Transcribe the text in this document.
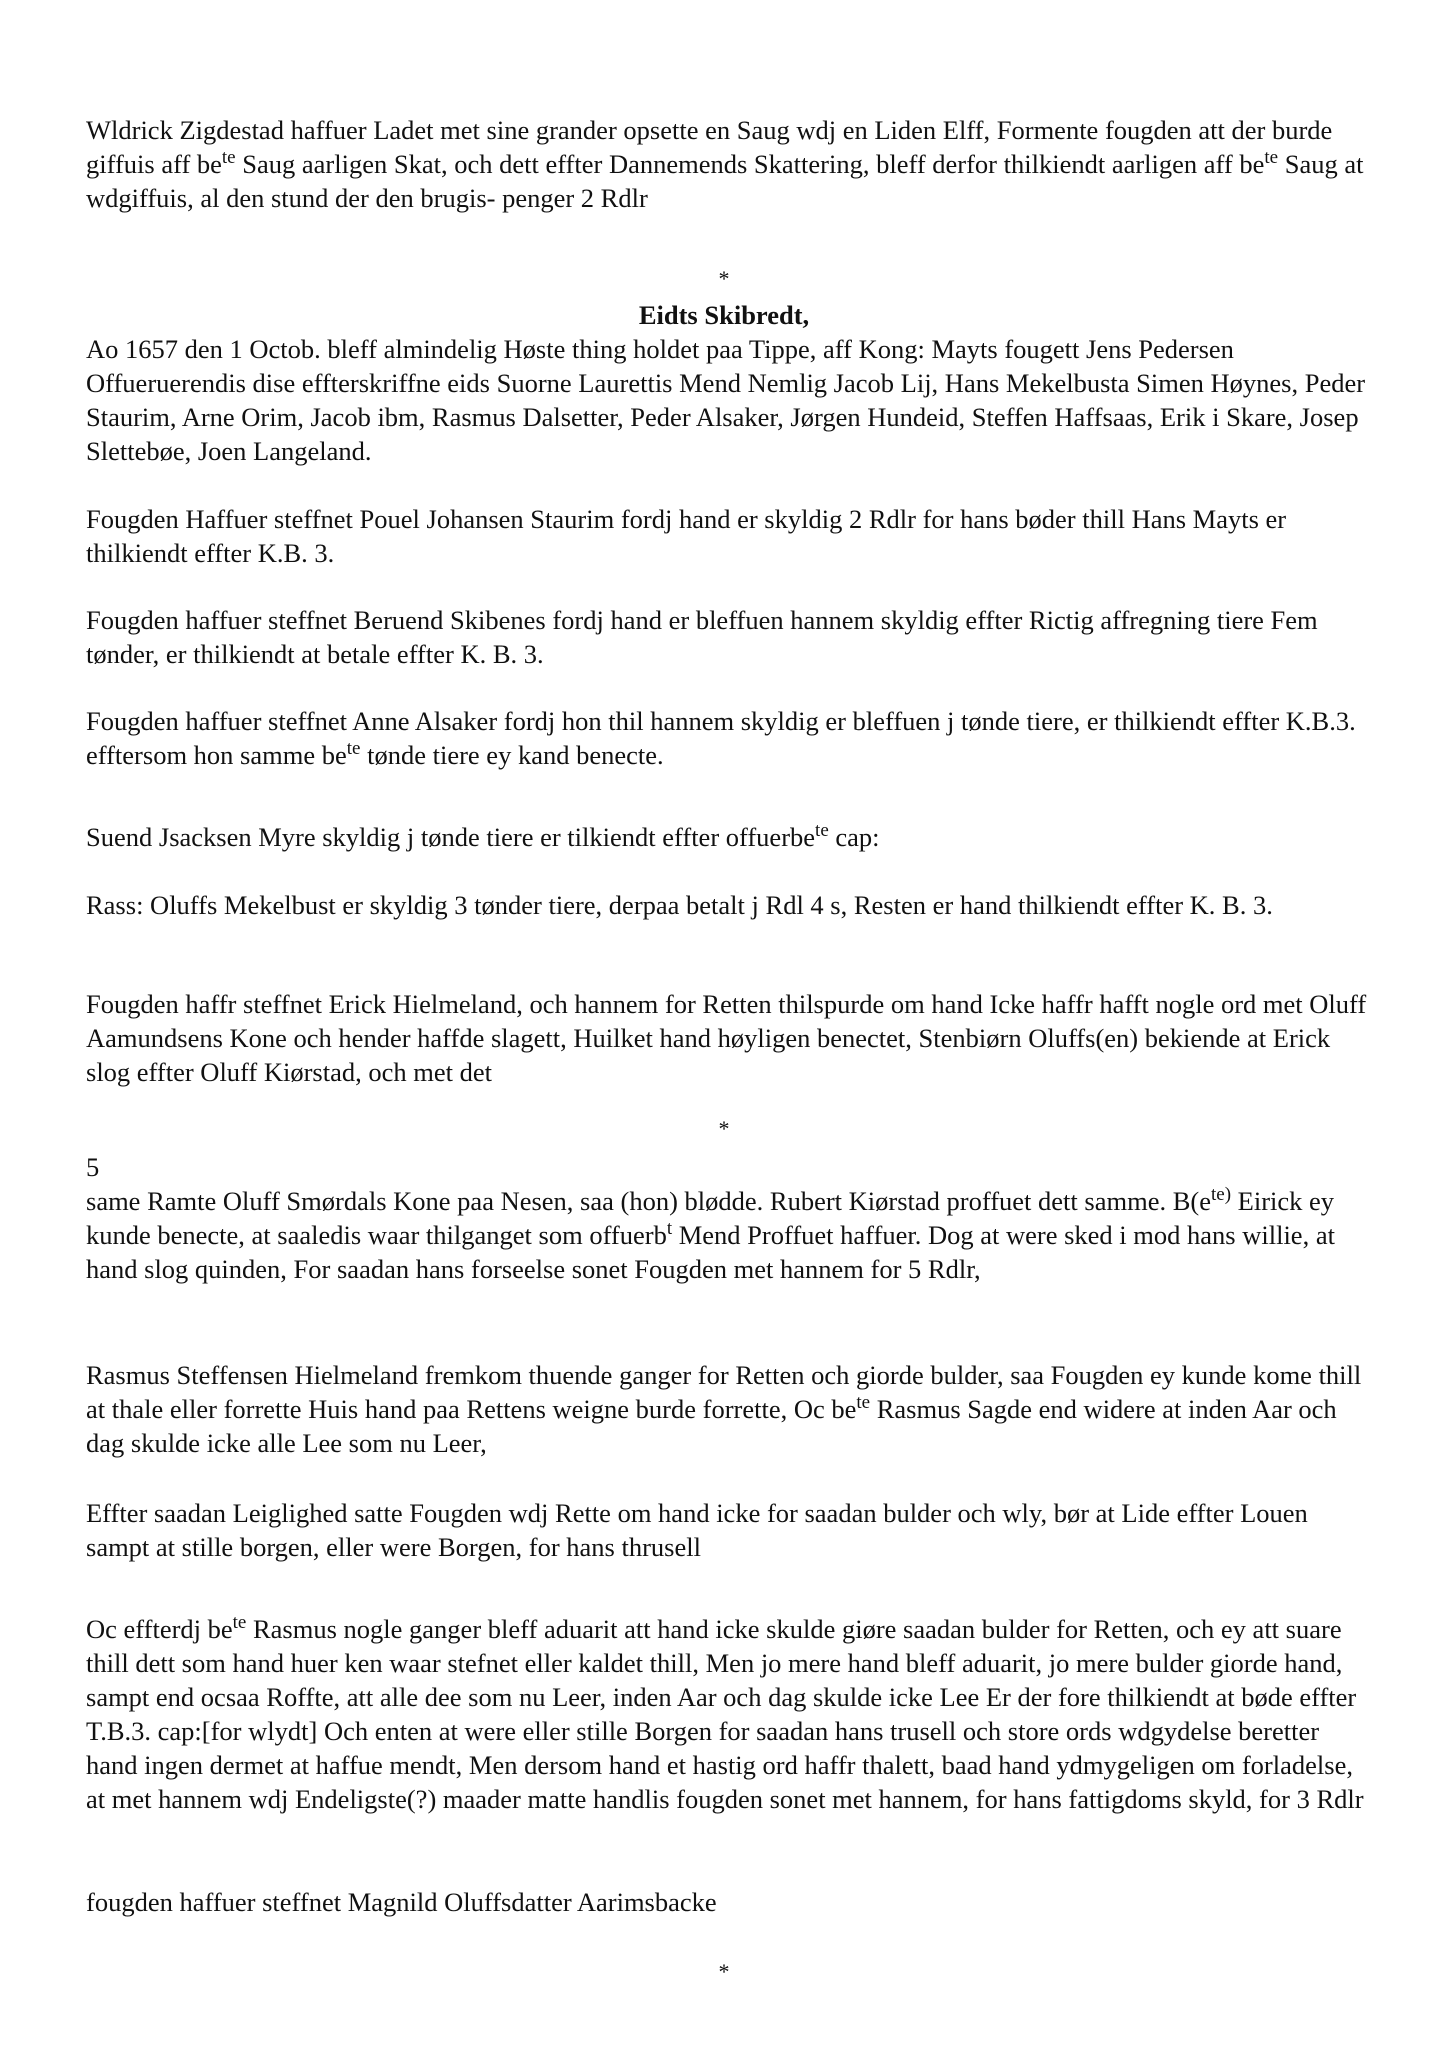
Wldrick Zigdestad haffuer Ladet met sine grander opsette en Saug wdj en Liden Elff, Formente fougden att der burde giffuis aff $be^{te}$ Saug aarligen Skat, och dett effter Dannemends Skattering, bleff derfor thilkiendt aarligen aff $be^{te}$ Saug at wdgiffuis, al den stund der den brugis- penger 2 Rdlr

*

Eidts Skibredt,

Ao 1657 den 1 Octob. bleff almindelig Høste thing holdet paa Tippe, aff Kong: Mayts fougett Jens Pedersen Offueruerendis dise effterskriffne eids Suorne Laurettis Mend Nemlig Jacob Lij, Hans Mekelbusta Simen Høynes, Peder Staurim, Arne Orim, Jacob ibm, Rasmus Dalsetter, Peder Alsaker, Jørgen Hundeid, Steffen Haffsaas, Erik i Skare, Josep Slettebøe, Joen Langeland.

Fougden Haffuer steffnet Pouel Johansen Staurim fordj hand er skyldig 2 Rdlr for hans bøder thill Hans Mayts er thilkiendt effter K.B. 3.

Fougden haffuer steffnet Beruend Skibenes fordj hand er bleffuen hannem skyldig effter Rictig affregning tiere Fem tønder, er thilkiendt at betale effter K. B. 3.

Fougden haffuer steffnet Anne Alsaker fordj hon thil hannem skyldig er bleffuen j tønde tiere, er thilkiendt effter K.B.3. efftersom hon samme $be^{te}$ tønde tiere ey kand benecte.

Suend Jsacksen Myre skyldig j tønde tiere er tilkiendt effter offuerbe$^{te}$ cap:

Rass: Oluffs Mekelbust er skyldig 3 tønder tiere, derpaa betalt j Rdl 4 s, Resten er hand thilkiendt effter K. B. 3.

Fougden haffr steffnet Erick Hielmeland, och hannem for Retten thilspurde om hand Icke haffr hafft nogle ord met Oluff Aamundsens Kone och hender haffde slagett, Huilket hand høyligen benectet, Stenbiørn Oluffs(en) bekiende at Erick slog effter Oluff Kiørstad, och met det

*

5

same Ramte Oluff Smørdals Kone paa Nesen, saa (hon) blødde. Rubert Kiørstad proffuet dett samme. $B(e^{te)}$ Eirick ey kunde benecte, at saaledis waar thilganget som offuerb$^t$ Mend Proffuet haffuer. Dog at were sked i mod hans willie, at hand slog quinden, For saadan hans forseelse sonet Fougden met hannem for 5 Rdlr,

Rasmus Steffensen Hielmeland fremkom thuende ganger for Retten och giorde bulder, saa Fougden ey kunde kome thill at thale eller forrette Huis hand paa Rettens weigne burde forrette, Oc $be^{te}$ Rasmus Sagde end widere at inden Aar och dag skulde icke alle Lee som nu Leer,

Effter saadan Leiglighed satte Fougden wdj Rette om hand icke for saadan bulder och wly, bør at Lide effter Louen sampt at stille borgen, eller were Borgen, for hans thrusell

Oc effterdj $be^{te}$ Rasmus nogle ganger bleff aduarit att hand icke skulde giøre saadan bulder for Retten, och ey att suare thill dett som hand huer ken waar stefnet eller kaldet thill, Men jo mere hand bleff aduarit, jo mere bulder giorde hand, sampt end ocsaa Roffte, att alle dee som nu Leer, inden Aar och dag skulde icke Lee Er der fore thilkiendt at bøde effter T.B.3. cap:[for wlydt] Och enten at were eller stille Borgen for saadan hans trusell och store ords wdgydelse beretter hand ingen dermet at haffue mendt, Men dersom hand et hastig ord haffr thalett, baad hand ydmygeligen om forladelse, at met hannem wdj Endeligste(?) maader matte handlis fougden sonet met hannem, for hans fattigdoms skyld, for 3 Rdlr

fougden haffuer steffnet Magnild Oluffsdatter Aarimsbacke

*
